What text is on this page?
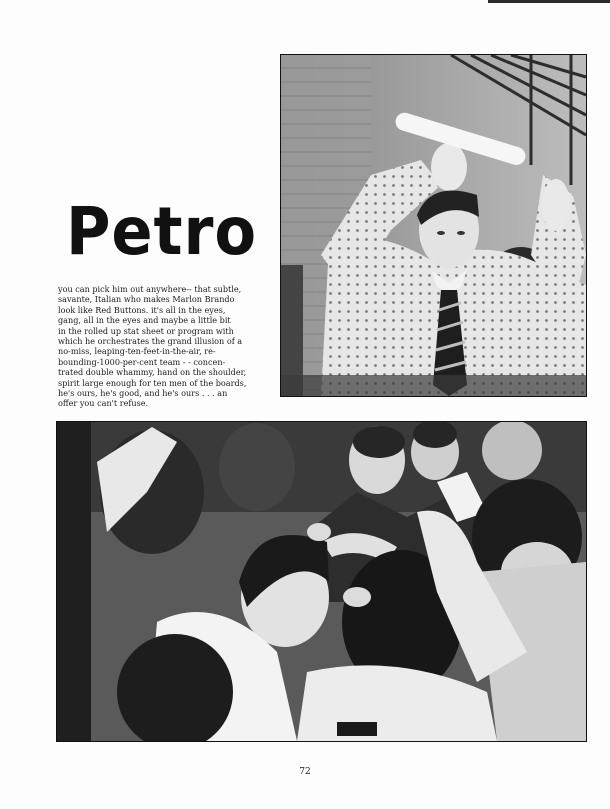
Petro
you can pick him out anywhere-- that subtle,
savante, Italian who makes Marlon Brando
look like Red Buttons. it's all in the eyes,
gang, all in the eyes and maybe a little bit
in the rolled up stat sheet or program with
which he orchestrates the grand illusion of a
no-miss, leaping-ten-feet-in-the-air, re-
bounding-1000-per-cent team - - concen-
trated double whammy, hand on the shoulder,
spirit large enough for ten men of the boards,
he's ours, he's good, and he's ours . . . an
offer you can't refuse.
72
